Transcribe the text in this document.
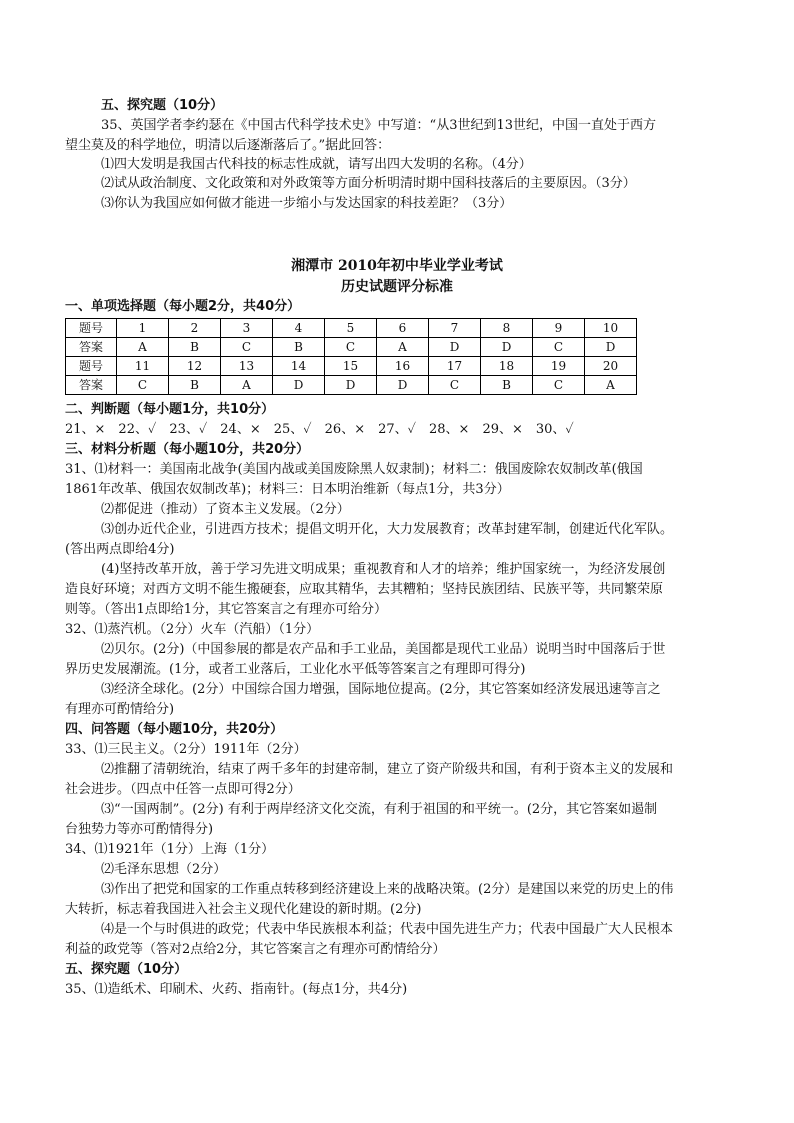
五、探究题（10分）
35、英国学者李约瑟在《中国古代科学技术史》中写道：“从3世纪到13世纪，中国一直处于西方
望尘莫及的科学地位，明清以后逐渐落后了。”据此回答：
⑴四大发明是我国古代科技的标志性成就，请写出四大发明的名称。（4分）
⑵试从政治制度、文化政策和对外政策等方面分析明清时期中国科技落后的主要原因。（3分）
⑶你认为我国应如何做才能进一步缩小与发达国家的科技差距？（3分）
湘潭市 2010年初中毕业学业考试
历史试题评分标准
一、单项选择题（每小题2分，共40分）
题号	1	2	3	4	5	6	7	8	9	10
答案	A	B	C	B	C	A	D	D	C	D
题号	11	12	13	14	15	16	17	18	19	20
答案	C	B	A	D	D	D	C	B	C	A
二、判断题（每小题1分，共10分）
21、×　22、✓　23、✓　24、×　25、✓　26、×　27、✓　28、×　29、×　30、✓
三、材料分析题（每小题10分，共20分）
31、⑴材料一：美国南北战争(美国内战或美国废除黑人奴隶制)；材料二：俄国废除农奴制改革(俄国
1861年改革、俄国农奴制改革)；材料三：日本明治维新（每点1分，共3分）
⑵都促进（推动）了资本主义发展。（2分）
⑶创办近代企业，引进西方技术；提倡文明开化，大力发展教育；改革封建军制，创建近代化军队。
(答出两点即给4分)
(4)坚持改革开放，善于学习先进文明成果；重视教育和人才的培养；维护国家统一，为经济发展创
造良好环境；对西方文明不能生搬硬套，应取其精华，去其糟粕；坚持民族团结、民族平等，共同繁荣原
则等。（答出1点即给1分，其它答案言之有理亦可给分）
32、⑴蒸汽机。（2分）火车（汽船）（1分）
⑵贝尔。(2分)（中国参展的都是农产品和手工业品，美国都是现代工业品）说明当时中国落后于世
界历史发展潮流。(1分，或者工业落后，工业化水平低等答案言之有理即可得分)
⑶经济全球化。(2分）中国综合国力增强，国际地位提高。(2分，其它答案如经济发展迅速等言之
有理亦可酌情给分)
四、问答题（每小题10分，共20分）
33、⑴三民主义。（2分）1911年（2分）
⑵推翻了清朝统治，结束了两千多年的封建帝制，建立了资产阶级共和国，有利于资本主义的发展和
社会进步。（四点中任答一点即可得2分）
⑶“一国两制”。(2分) 有利于两岸经济文化交流，有利于祖国的和平统一。(2分，其它答案如遏制
台独势力等亦可酌情得分)
34、⑴1921年（1分）上海（1分）
⑵毛泽东思想（2分）
⑶作出了把党和国家的工作重点转移到经济建设上来的战略决策。(2分）是建国以来党的历史上的伟
大转折，标志着我国进入社会主义现代化建设的新时期。(2分)
⑷是一个与时俱进的政党；代表中华民族根本利益；代表中国先进生产力；代表中国最广大人民根本
利益的政党等（答对2点给2分，其它答案言之有理亦可酌情给分）
五、探究题（10分）
35、⑴造纸术、印刷术、火药、指南针。(每点1分，共4分)
